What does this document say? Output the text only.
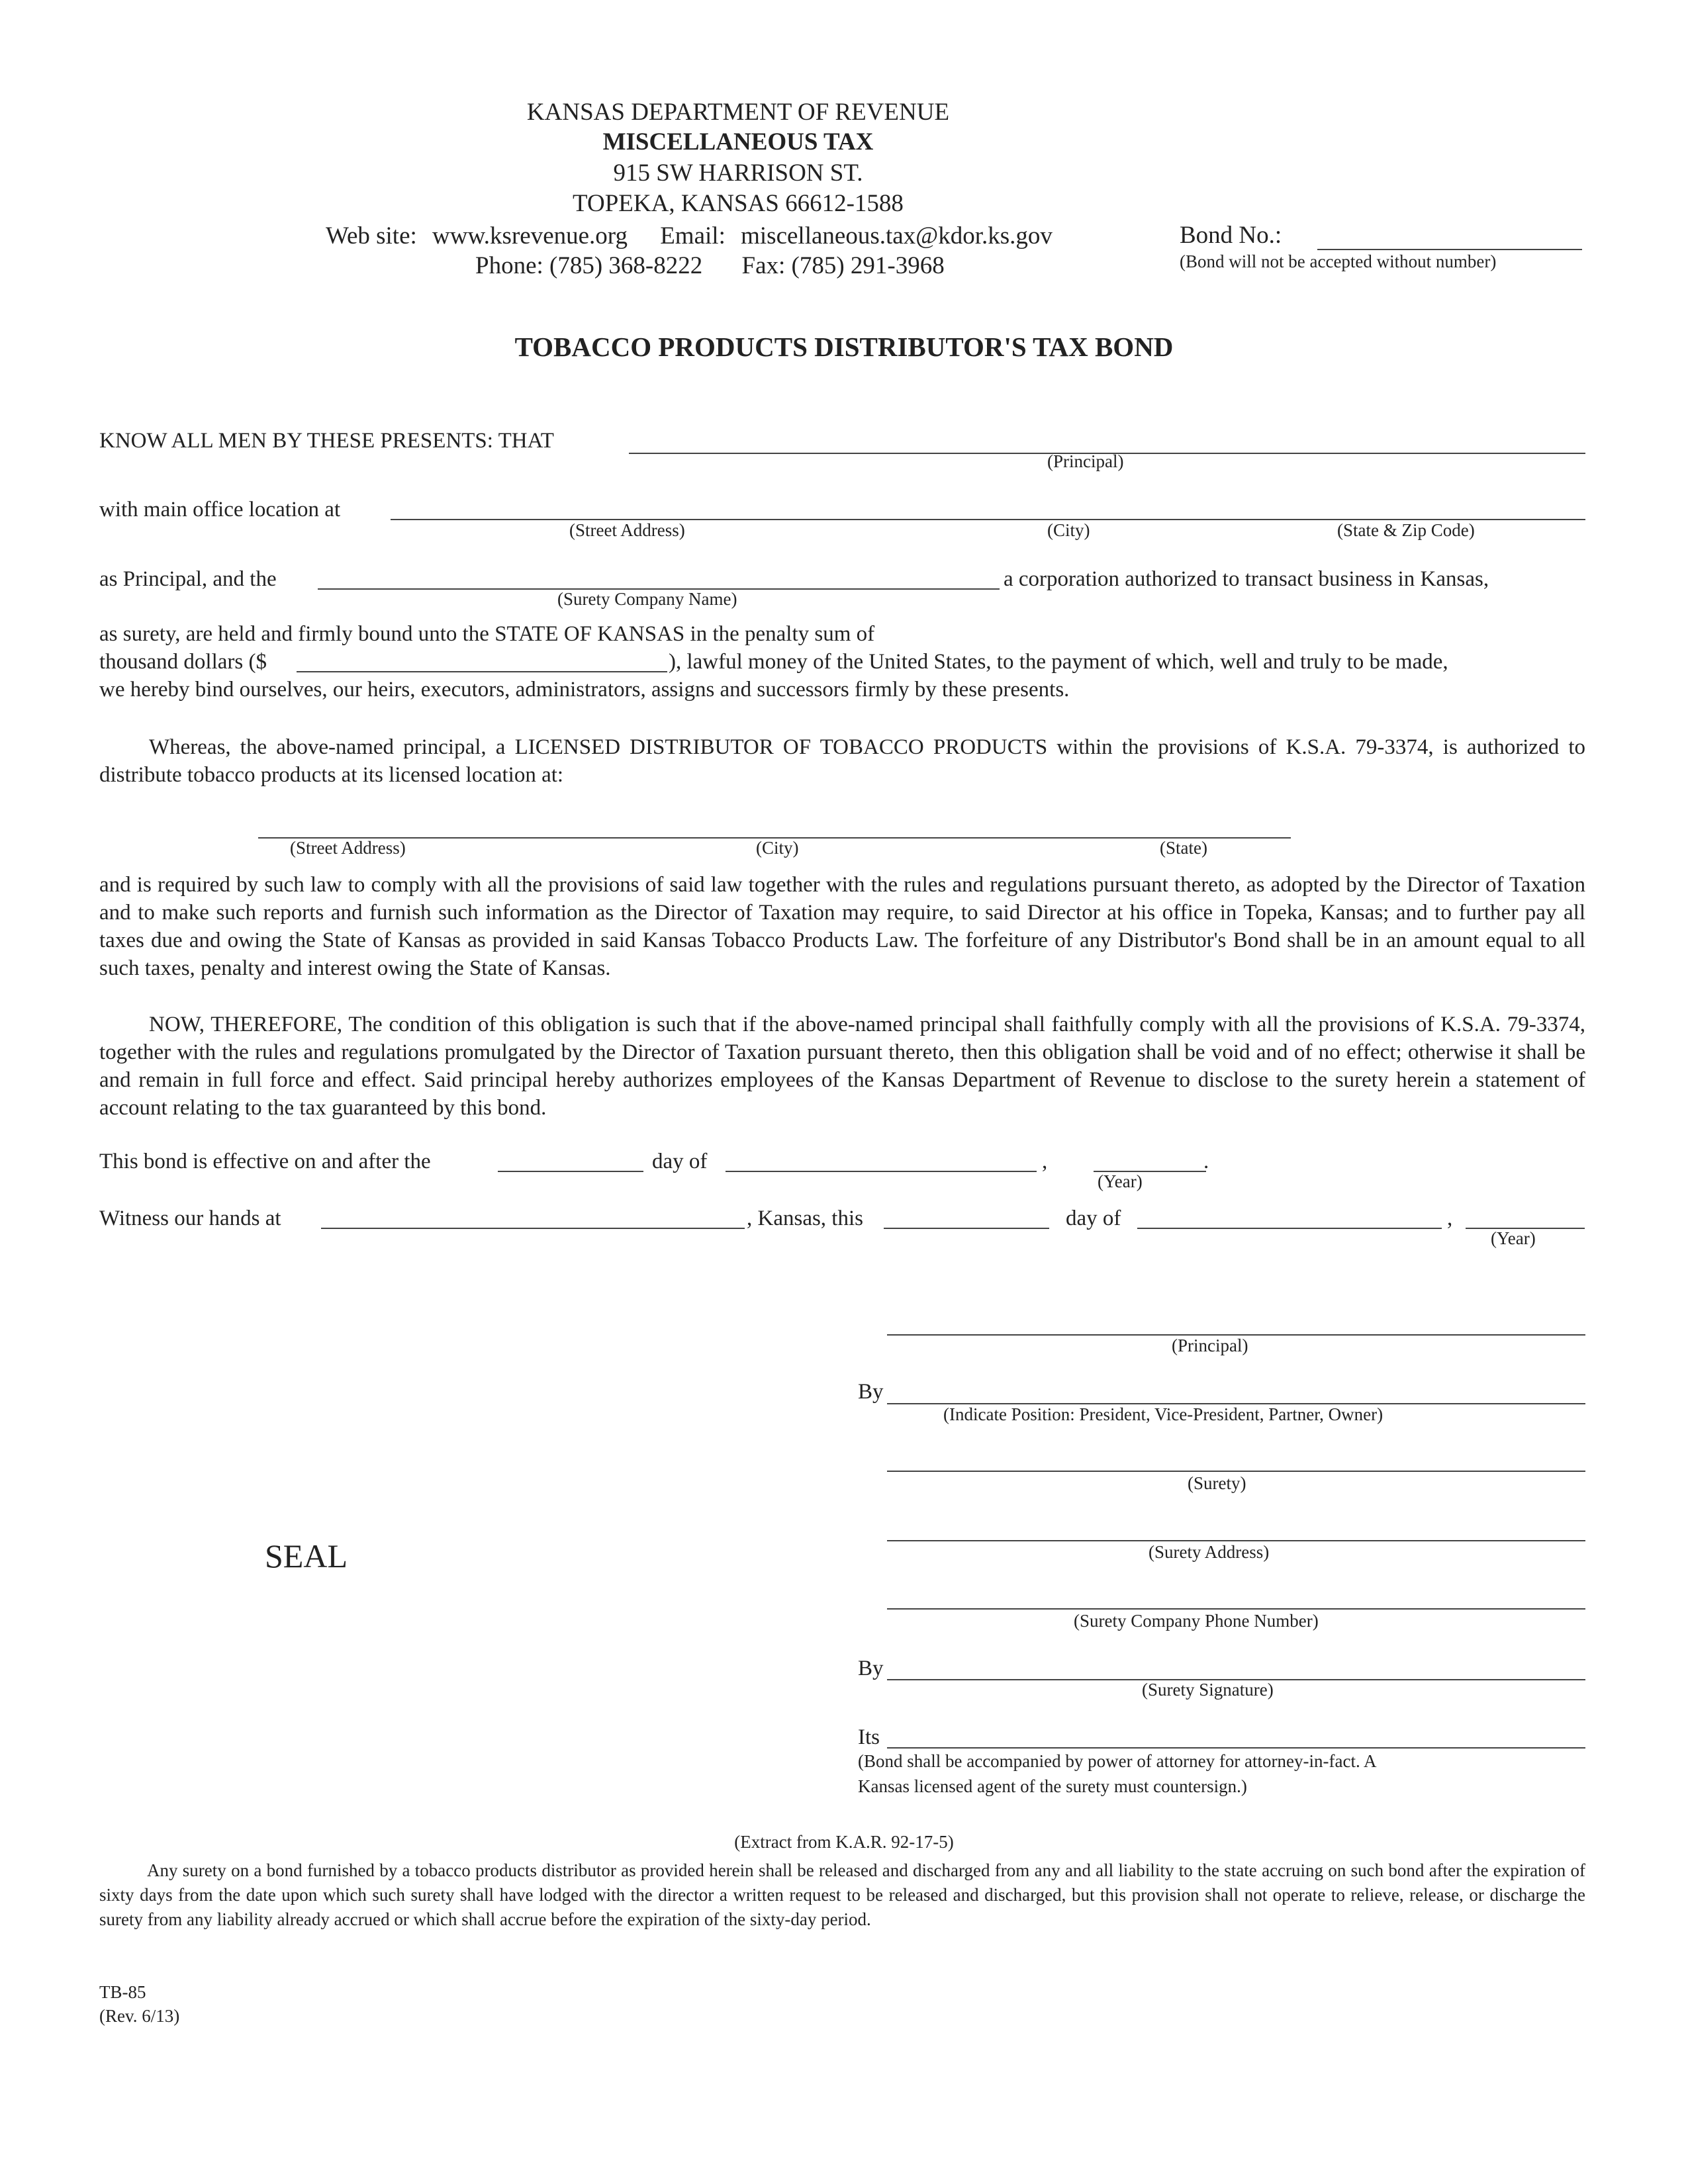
KANSAS DEPARTMENT OF REVENUE
MISCELLANEOUS TAX
915 SW HARRISON ST.
TOPEKA, KANSAS 66612-1588
Web site: www.ksrevenue.org Email: miscellaneous.tax@kdor.ks.gov
Phone: (785) 368-8222 Fax: (785) 291-3968
Bond No.:
(Bond will not be accepted without number)
TOBACCO PRODUCTS DISTRIBUTOR'S TAX BOND
KNOW ALL MEN BY THESE PRESENTS: THAT
(Principal)
with main office location at
(Street Address)	(City)	(State & Zip Code)
as Principal, and the
(Surety Company Name)
a corporation authorized to transact business in Kansas,
as surety, are held and firmly bound unto the STATE OF KANSAS in the penalty sum of
thousand dollars ($	), lawful money of the United States, to the payment of which, well and truly to be made,
we hereby bind ourselves, our heirs, executors, administrators, assigns and successors firmly by these presents.
Whereas, the above-named principal, a LICENSED DISTRIBUTOR OF TOBACCO PRODUCTS within the provisions of K.S.A. 79-3374, is authorized to distribute tobacco products at its licensed location at:
(Street Address)	(City)	(State)
and is required by such law to comply with all the provisions of said law together with the rules and regulations pursuant thereto, as adopted by the Director of Taxation and to make such reports and furnish such information as the Director of Taxation may require, to said Director at his office in Topeka, Kansas; and to further pay all taxes due and owing the State of Kansas as provided in said Kansas Tobacco Products Law. The forfeiture of any Distributor's Bond shall be in an amount equal to all such taxes, penalty and interest owing the State of Kansas.
NOW, THEREFORE, The condition of this obligation is such that if the above-named principal shall faithfully comply with all the provisions of K.S.A. 79-3374, together with the rules and regulations promulgated by the Director of Taxation pursuant thereto, then this obligation shall be void and of no effect; otherwise it shall be and remain in full force and effect. Said principal hereby authorizes employees of the Kansas Department of Revenue to disclose to the surety herein a statement of account relating to the tax guaranteed by this bond.
This bond is effective on and after the	day of	,	.
(Year)
Witness our hands at	, Kansas, this	day of	,
(Year)
(Principal)
By
(Indicate Position: President, Vice-President, Partner, Owner)
(Surety)
SEAL	(Surety Address)
(Surety Company Phone Number)
By
(Surety Signature)
Its
(Bond shall be accompanied by power of attorney for attorney-in-fact. A
Kansas licensed agent of the surety must countersign.)
(Extract from K.A.R. 92-17-5)
Any surety on a bond furnished by a tobacco products distributor as provided herein shall be released and discharged from any and all liability to the state accruing on such bond after the expiration of sixty days from the date upon which such surety shall have lodged with the director a written request to be released and discharged, but this provision shall not operate to relieve, release, or discharge the surety from any liability already accrued or which shall accrue before the expiration of the sixty-day period.
TB-85
(Rev. 6/13)
